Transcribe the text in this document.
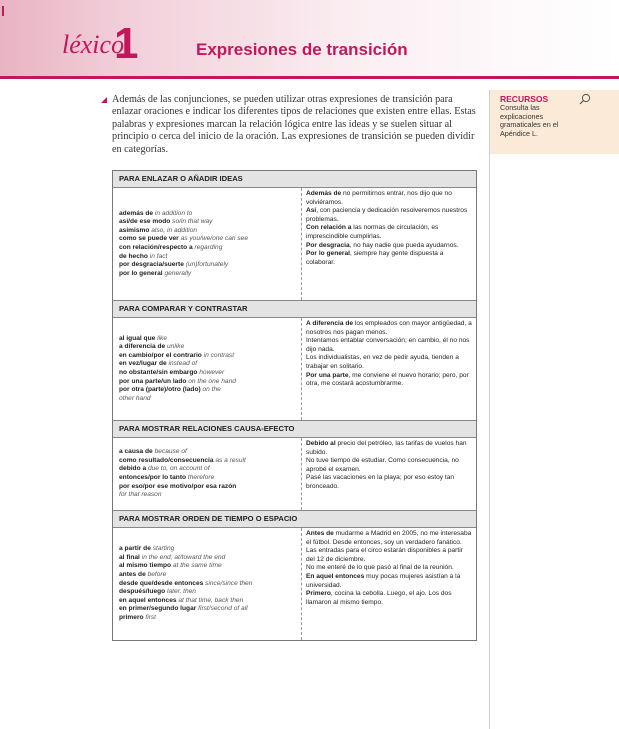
léxico
1	Expresiones de transición
Además de las conjunciones, se pueden utilizar otras expresiones de transición para enlazar oraciones e indicar los diferentes tipos de relaciones que existen entre ellas. Estas palabras y expresiones marcan la relación lógica entre las ideas y se suelen situar al principio o cerca del inicio de la oración. Las expresiones de transición se pueden dividir en categorías.
RECURSOS
Consulta las explicaciones gramaticales en el Apéndice L.
PARA ENLAZAR O AÑADIR IDEAS
además de in addition to
así/de ese modo so/in that way
asimismo also, in addition
como se puede ver as you/we/one can see
con relación/respecto a regarding
de hecho in fact
por desgracia/suerte (un)fortunately
por lo general generally
Además de no permitirnos entrar, nos dijo que no volviéramos.
Así, con paciencia y dedicación resolveremos nuestros problemas.
Con relación a las normas de circulación, es imprescindible cumplirlas.
Por desgracia, no hay nadie que pueda ayudarnos.
Por lo general, siempre hay gente dispuesta a colaborar.
PARA COMPARAR Y CONTRASTAR
al igual que like
a diferencia de unlike
en cambio/por el contrario in contrast
en vez/lugar de instead of
no obstante/sin embargo however
por una parte/un lado on the one hand
por otra (parte)/otro (lado) on the
other hand
A diferencia de los empleados con mayor antigüedad, a nosotros nos pagan menos.
Intentamos entablar conversación; en cambio, él no nos dijo nada.
Los individualistas, en vez de pedir ayuda, tienden a trabajar en solitario.
Por una parte, me conviene el nuevo horario; pero, por otra, me costará acostumbrarme.
PARA MOSTRAR RELACIONES CAUSA-EFECTO
a causa de because of
como resultado/consecuencia as a result
debido a due to, on account of
entonces/por lo tanto therefore
por eso/por ese motivo/por esa razón
for that reason
Debido al precio del petróleo, las tarifas de vuelos han subido.
No tuve tiempo de estudiar. Como consecuencia, no aprobé el examen.
Pasé las vacaciones en la playa; por eso estoy tan bronceado.
PARA MOSTRAR ORDEN DE TIEMPO O ESPACIO
a partir de starting
al final in the end; at/toward the end
al mismo tiempo at the same time
antes de before
desde que/desde entonces since/since then
después/luego later, then
en aquel entonces at that time, back then
en primer/segundo lugar first/second of all
primero first
Antes de mudarme a Madrid en 2005, no me interesaba el fútbol. Desde entonces, soy un verdadero fanático.
Las entradas para el circo estarán disponibles a partir del 12 de diciembre.
No me enteré de lo que pasó al final de la reunión.
En aquel entonces muy pocas mujeres asistían a la universidad.
Primero, cocina la cebolla. Luego, el ajo. Los dos llamaron al mismo tiempo.
